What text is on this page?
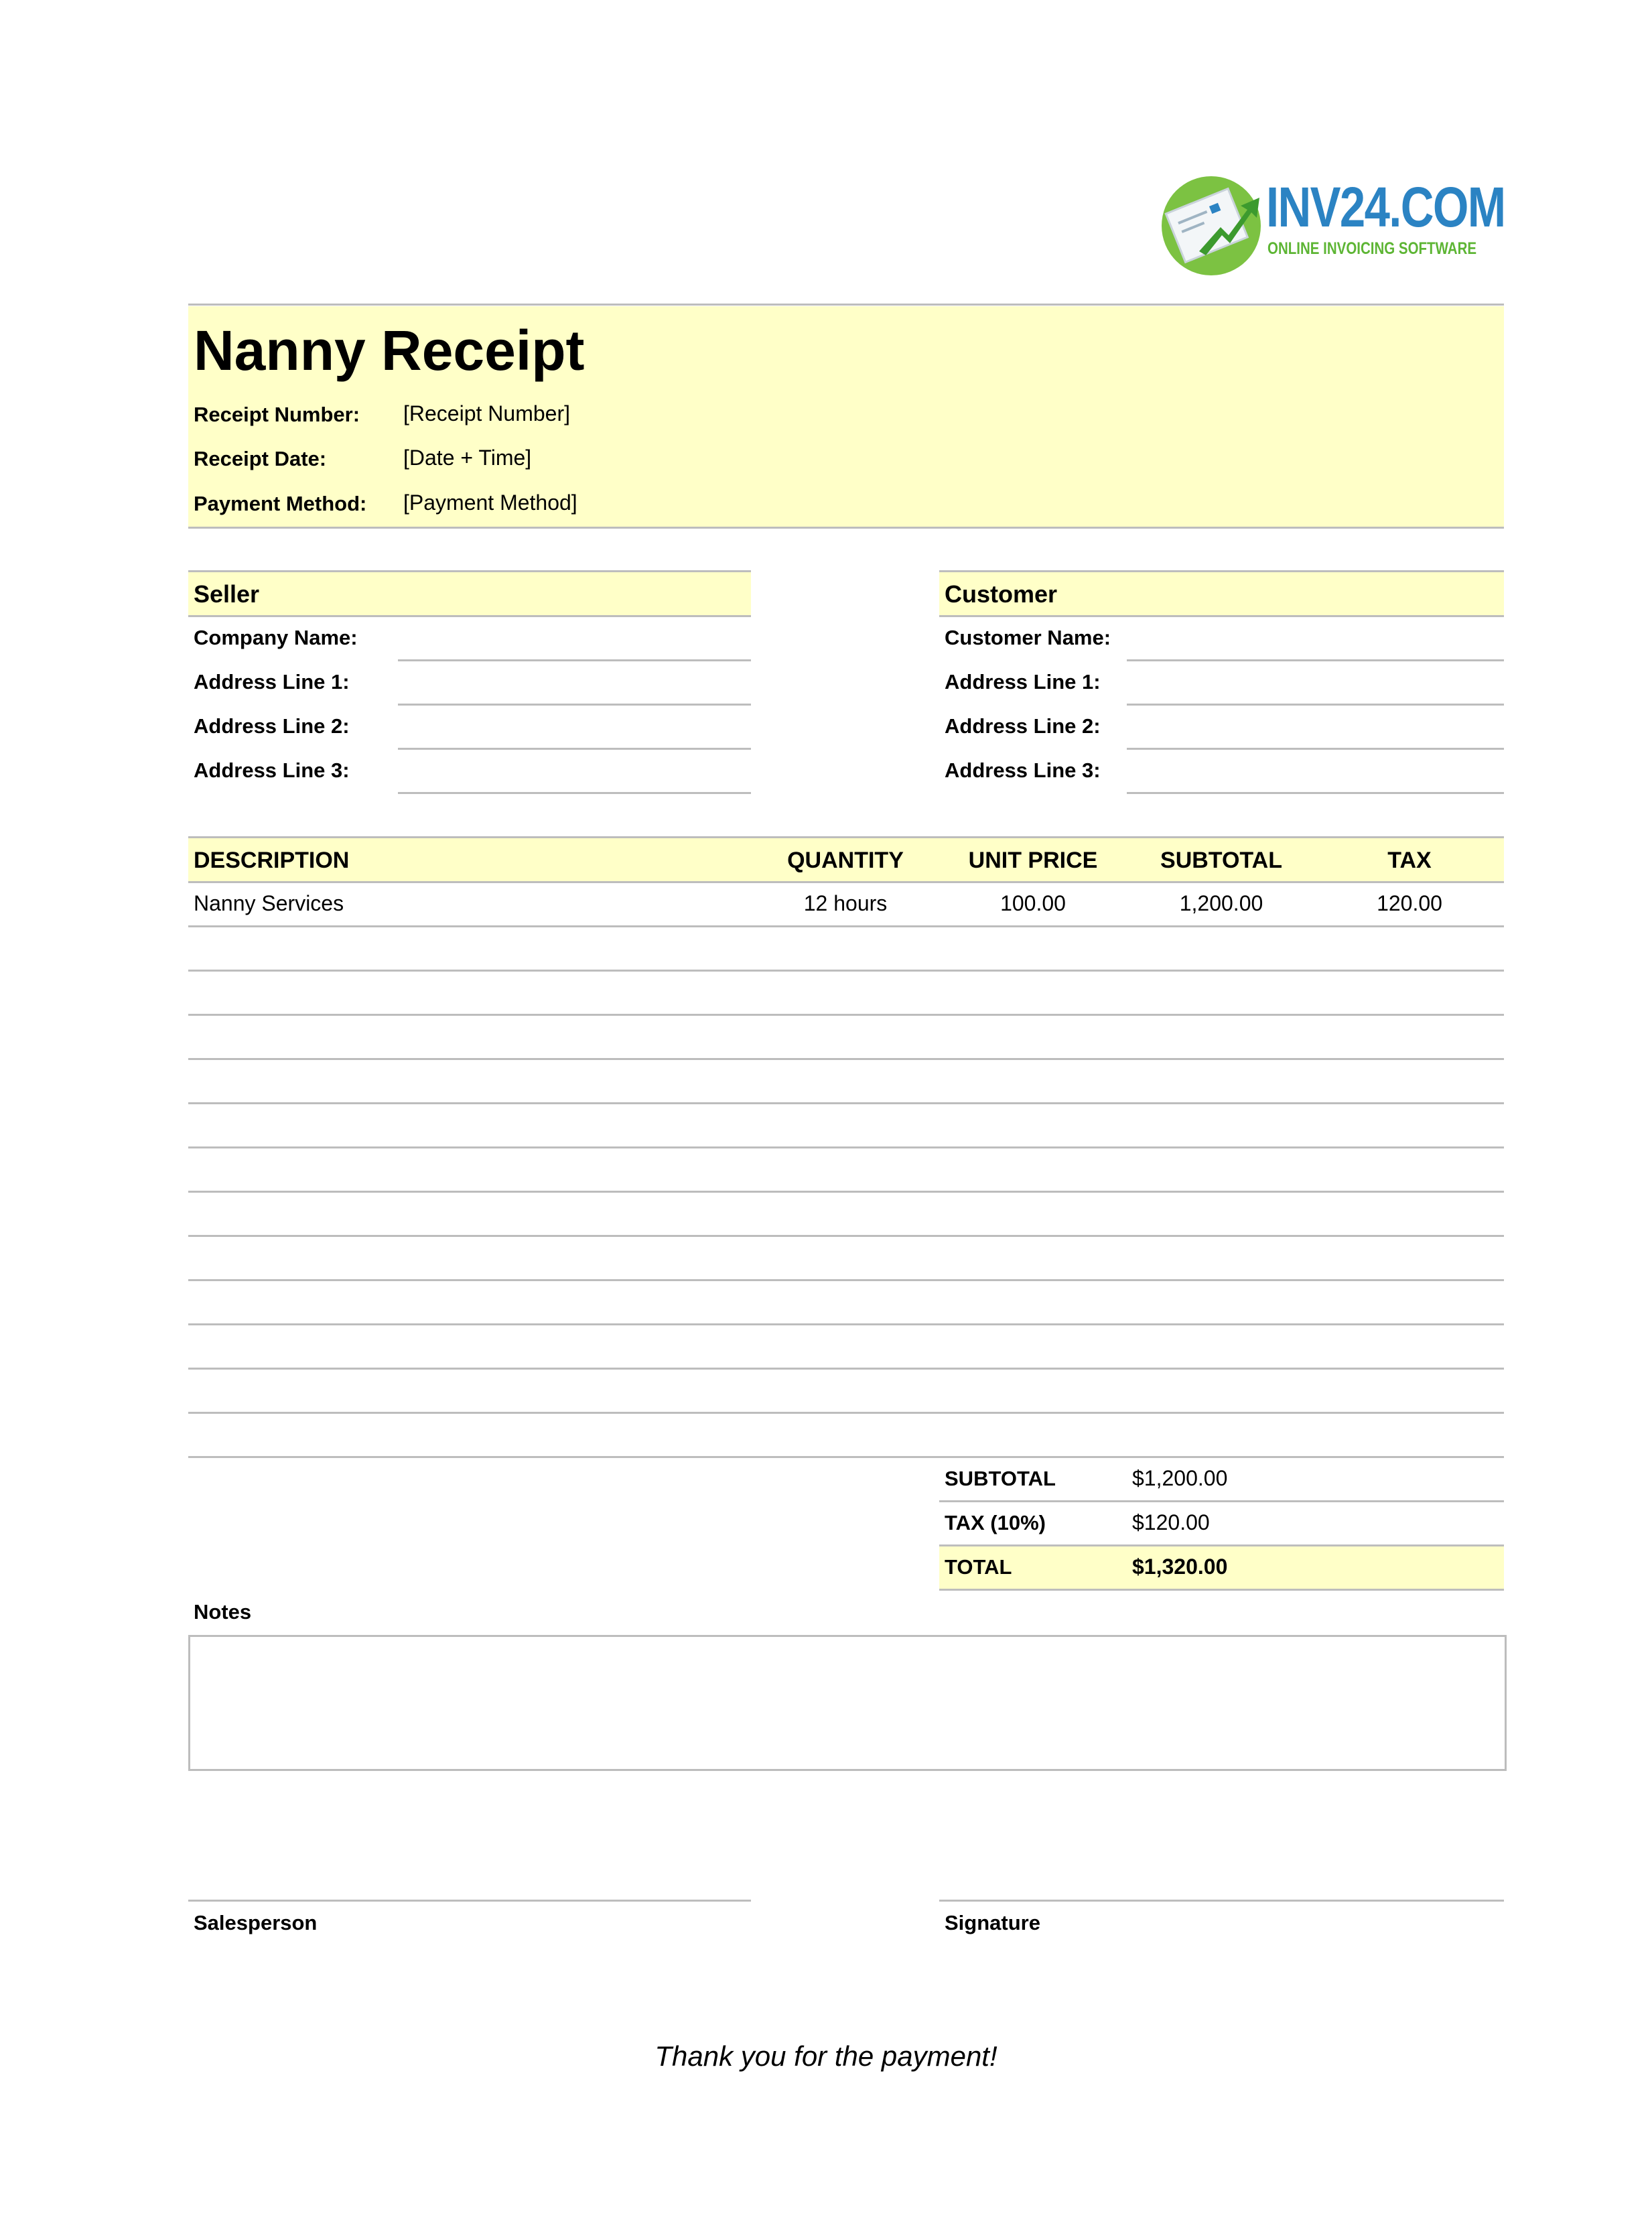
INV24.COM
ONLINE INVOICING SOFTWARE
Nanny Receipt
Receipt Number: [Receipt Number]
Receipt Date:	[Date + Time]
Payment Method: [Payment Method]
Seller
Company Name:
Address Line 1:
Address Line 2:
Address Line 3:
Customer
Customer Name:
Address Line 1:
Address Line 2:
Address Line 3:
DESCRIPTION	QUANTITY	UNIT PRICE	SUBTOTAL	TAX
Nanny Services	12 hours	100.00	1,200.00	120.00
SUBTOTAL	$1,200.00
TAX (10%)	$120.00
TOTAL	$1,320.00
Notes
Salesperson	Signature
Thank you for the payment!
